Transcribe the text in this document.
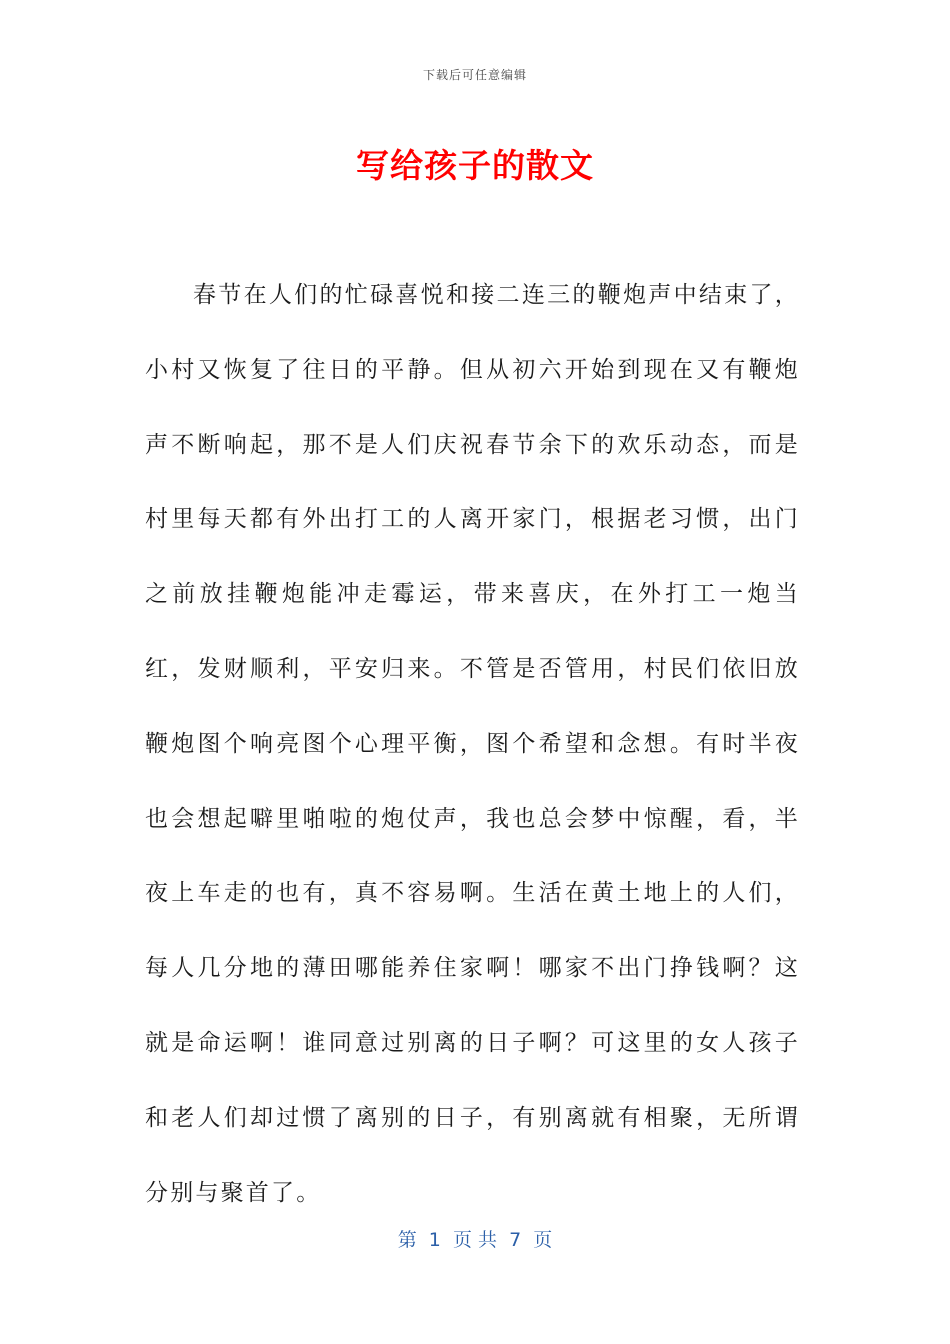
下载后可任意编辑
写给孩子的散文

春节在人们的忙碌喜悦和接二连三的鞭炮声中结束了，小村又恢复了往日的平静。但从初六开始到现在又有鞭炮声不断响起，那不是人们庆祝春节余下的欢乐动态，而是村里每天都有外出打工的人离开家门，根据老习惯，出门之前放挂鞭炮能冲走霉运，带来喜庆，在外打工一炮当红，发财顺利，平安归来。不管是否管用，村民们依旧放鞭炮图个响亮图个心理平衡，图个希望和念想。有时半夜也会想起噼里啪啦的炮仗声，我也总会梦中惊醒，看，半夜上车走的也有，真不容易啊。生活在黄土地上的人们，每人几分地的薄田哪能养住家啊！哪家不出门挣钱啊？这就是命运啊！谁同意过别离的日子啊？可这里的女人孩子和老人们却过惯了离别的日子，有别离就有相聚，无所谓分别与聚首了。

第  1  页 共  7  页
